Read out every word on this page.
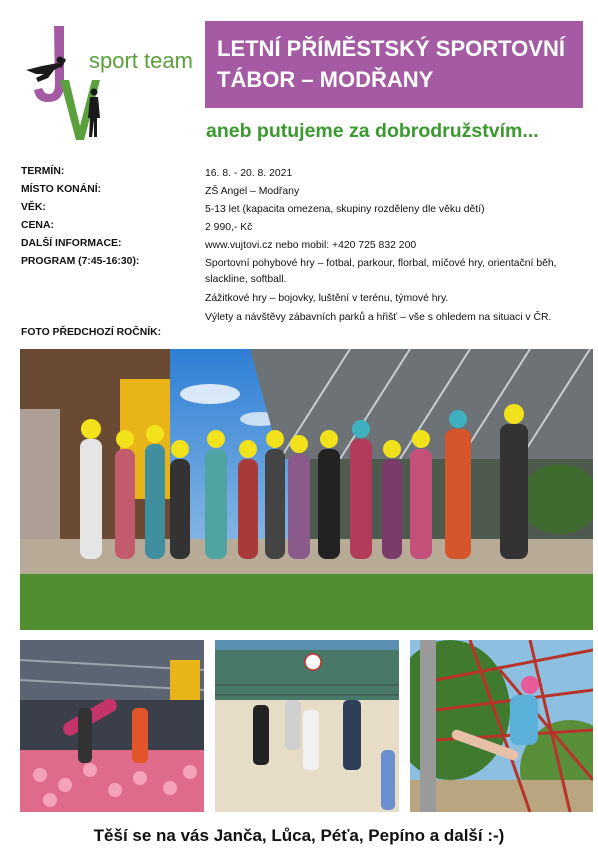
sport team LETNÍ PŘÍMĚSTSKÝ SPORTOVNÍ
TÁBOR – MODŘANY
aneb putujeme za dobrodružstvím...
TERMÍN:	16. 8. - 20. 8. 2021
MÍSTO KONÁNÍ:	ZŠ Angel – Modřany
VĚK:	5-13 let (kapacita omezena, skupiny rozděleny dle věku dětí)
CENA:	2 990,- Kč
DALŠÍ INFORMACE:	www.vujtovi.cz nebo mobil: +420 725 832 200
PROGRAM (7:45-16:30):	Sportovní pohybové hry – fotbal, parkour, florbal, míčové hry, orientační běh, slackline, softball.

Zážitkové hry – bojovky, luštění v terénu, týmové hry.

Výlety a návštěvy zábavních parků a hřišť – vše s ohledem na situaci v ČR.

FOTO PŘEDCHOZÍ ROČNÍK:
Těší se na vás Janča, Lůca, Péťa, Pepíno a další :-)
